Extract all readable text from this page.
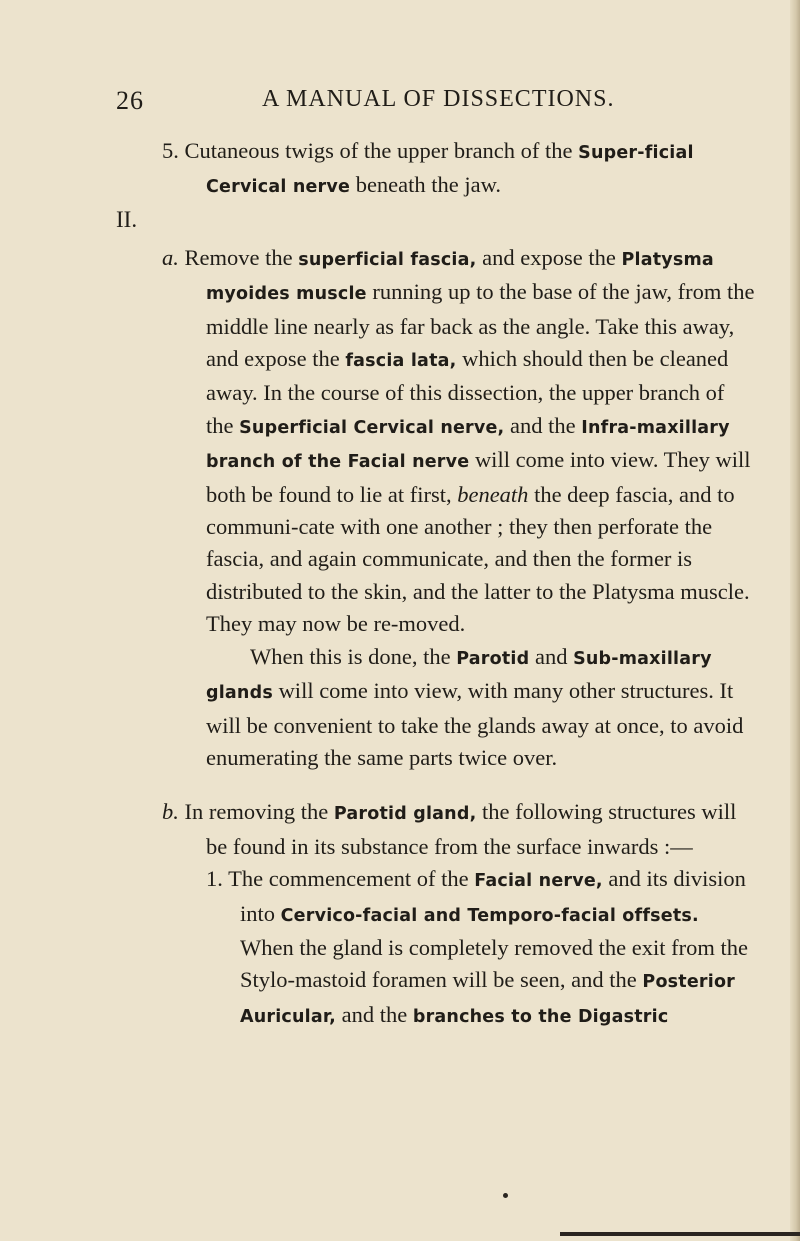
26	A MANUAL OF DISSECTIONS.

5. Cutaneous twigs of the upper branch of the Super-ficial Cervical nerve beneath the jaw.

II.

a. Remove the superficial fascia, and expose the Platysma myoides muscle running up to the base of the jaw, from the middle line nearly as far back as the angle. Take this away, and expose the fascia lata, which should then be cleaned away. In the course of this dissection, the upper branch of the Superficial Cervical nerve, and the Infra-maxillary branch of the Facial nerve will come into view. They will both be found to lie at first, beneath the deep fascia, and to communi-cate with one another ; they then perforate the fascia, and again communicate, and then the former is distributed to the skin, and the latter to the Platysma muscle. They may now be re-moved.

When this is done, the Parotid and Sub-maxillary glands will come into view, with many other structures. It will be convenient to take the glands away at once, to avoid enumerating the same parts twice over.

b. In removing the Parotid gland, the following structures will be found in its substance from the surface inwards :—

1. The commencement of the Facial nerve, and its division into Cervico-facial and Temporo-facial offsets. When the gland is completely removed the exit from the Stylo-mastoid foramen will be seen, and the Posterior Auricular, and the branches to the Digastric
